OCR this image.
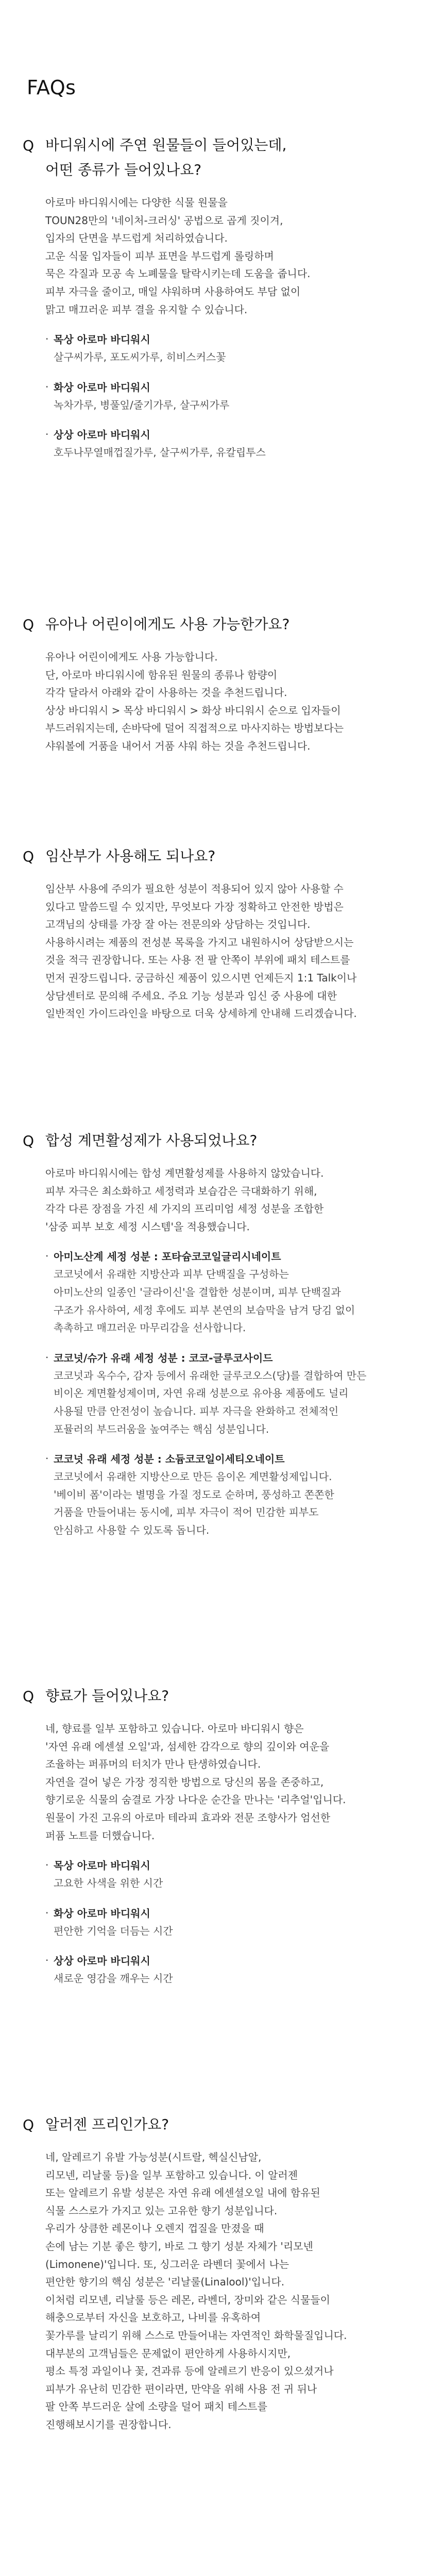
FAQs
Q 바디워시에 주연 원물들이 들어있는데,
어떤 종류가 들어있나요?
아로마 바디워시에는 다양한 식물 원물을
TOUN28만의 '네이처-크러싱' 공법으로 곱게 짓이겨,
입자의 단면을 부드럽게 처리하였습니다.
고운 식물 입자들이 피부 표면을 부드럽게 롤링하며
묵은 각질과 모공 속 노폐물을 탈락시키는데 도움을 줍니다.
피부 자극을 줄이고, 매일 샤워하며 사용하여도 부담 없이
맑고 매끄러운 피부 결을 유지할 수 있습니다.
· 목상 아로마 바디워시
살구씨가루, 포도씨가루, 히비스커스꽃
· 화상 아로마 바디워시
녹차가루, 병풀잎/줄기가루, 살구씨가루
· 상상 아로마 바디워시
호두나무열매껍질가루, 살구씨가루, 유칼립투스
Q 유아나 어린이에게도 사용 가능한가요?
유아나 어린이에게도 사용 가능합니다.
단, 아로마 바디워시에 함유된 원물의 종류나 함량이
각각 달라서 아래와 같이 사용하는 것을 추천드립니다.
상상 바디워시 > 목상 바디워시 > 화상 바디워시 순으로 입자들이
부드러워지는데, 손바닥에 덜어 직접적으로 마사지하는 방법보다는
샤워볼에 거품을 내어서 거품 샤워 하는 것을 추천드립니다.
Q 임산부가 사용해도 되나요?
임산부 사용에 주의가 필요한 성분이 적용되어 있지 않아 사용할 수
있다고 말씀드릴 수 있지만, 무엇보다 가장 정확하고 안전한 방법은
고객님의 상태를 가장 잘 아는 전문의와 상담하는 것입니다.
사용하시려는 제품의 전성분 목록을 가지고 내원하시어 상담받으시는
것을 적극 권장합니다. 또는 사용 전 팔 안쪽이 부위에 패치 테스트를
먼저 권장드립니다. 궁금하신 제품이 있으시면 언제든지 1:1 Talk이나
상담센터로 문의해 주세요. 주요 기능 성분과 임신 중 사용에 대한
일반적인 가이드라인을 바탕으로 더욱 상세하게 안내해 드리겠습니다.
Q 합성 계면활성제가 사용되었나요?
아로마 바디워시에는 합성 계면활성제를 사용하지 않았습니다.
피부 자극은 최소화하고 세정력과 보습감은 극대화하기 위해,
각각 다른 장점을 가진 세 가지의 프리미엄 세정 성분을 조합한
'삼중 피부 보호 세정 시스템'을 적용했습니다.
· 아미노산계 세정 성분 : 포타슘코코일글리시네이트
코코넛에서 유래한 지방산과 피부 단백질을 구성하는
아미노산의 일종인 '글라이신'을 결합한 성분이며, 피부 단백질과
구조가 유사하여, 세정 후에도 피부 본연의 보습막을 남겨 당김 없이
촉촉하고 매끄러운 마무리감을 선사합니다.
· 코코넛/슈가 유래 세정 성분 : 코코-글루코사이드
코코넛과 옥수수, 감자 등에서 유래한 글루코오스(당)를 결합하여 만든
비이온 계면활성제이며, 자연 유래 성분으로 유아용 제품에도 널리
사용될 만큼 안전성이 높습니다. 피부 자극을 완화하고 전체적인
포뮬러의 부드러움을 높여주는 핵심 성분입니다.
· 코코넛 유래 세정 성분 : 소듐코코일이세티오네이트
코코넛에서 유래한 지방산으로 만든 음이온 계면활성제입니다.
'베이비 폼'이라는 별명을 가질 정도로 순하며, 풍성하고 쫀쫀한
거품을 만들어내는 동시에, 피부 자극이 적어 민감한 피부도
안심하고 사용할 수 있도록 돕니다.
Q 향료가 들어있나요?
네, 향료를 일부 포함하고 있습니다. 아로마 바디워시 향은
'자연 유래 에센셜 오일'과, 섬세한 감각으로 향의 깊이와 여운을
조율하는 퍼퓨머의 터치가 만나 탄생하였습니다.
자연을 걸어 넣은 가장 정직한 방법으로 당신의 몸을 존중하고,
향기로운 식물의 숨결로 가장 나다운 순간을 만나는 '리추얼'입니다.
원물이 가진 고유의 아로마 테라피 효과와 전문 조향사가 엄선한
퍼퓸 노트를 더했습니다.
· 목상 아로마 바디워시
고요한 사색을 위한 시간
· 화상 아로마 바디워시
편안한 기억을 더듬는 시간
· 상상 아로마 바디워시
새로운 영감을 깨우는 시간
Q 알러젠 프리인가요?
네, 알레르기 유발 가능성분(시트랄, 헥실신남알,
리모넨, 리날룰 등)을 일부 포함하고 있습니다. 이 알러젠
또는 알레르기 유발 성분은 자연 유래 에센셜오일 내에 함유된
식물 스스로가 가지고 있는 고유한 향기 성분입니다.
우리가 상큼한 레몬이나 오렌지 껍질을 만졌을 때
손에 남는 기분 좋은 향기, 바로 그 향기 성분 자체가 '리모넨
(Limonene)'입니다. 또, 싱그러운 라벤더 꽃에서 나는
편안한 향기의 핵심 성분은 '리날룰(Linalool)'입니다.
이처럼 리모넨, 리날룰 등은 레몬, 라벤더, 장미와 같은 식물들이
해충으로부터 자신을 보호하고, 나비를 유혹하여
꽃가루를 날리기 위해 스스로 만들어내는 자연적인 화학물질입니다.
대부분의 고객님들은 문제없이 편안하게 사용하시지만,
평소 특정 과일이나 꽃, 견과류 등에 알레르기 반응이 있으셨거나
피부가 유난히 민감한 편이라면, 만약을 위해 사용 전 귀 뒤나
팔 안쪽 부드러운 살에 소량을 덜어 패치 테스트를
진행해보시기를 권장합니다.
